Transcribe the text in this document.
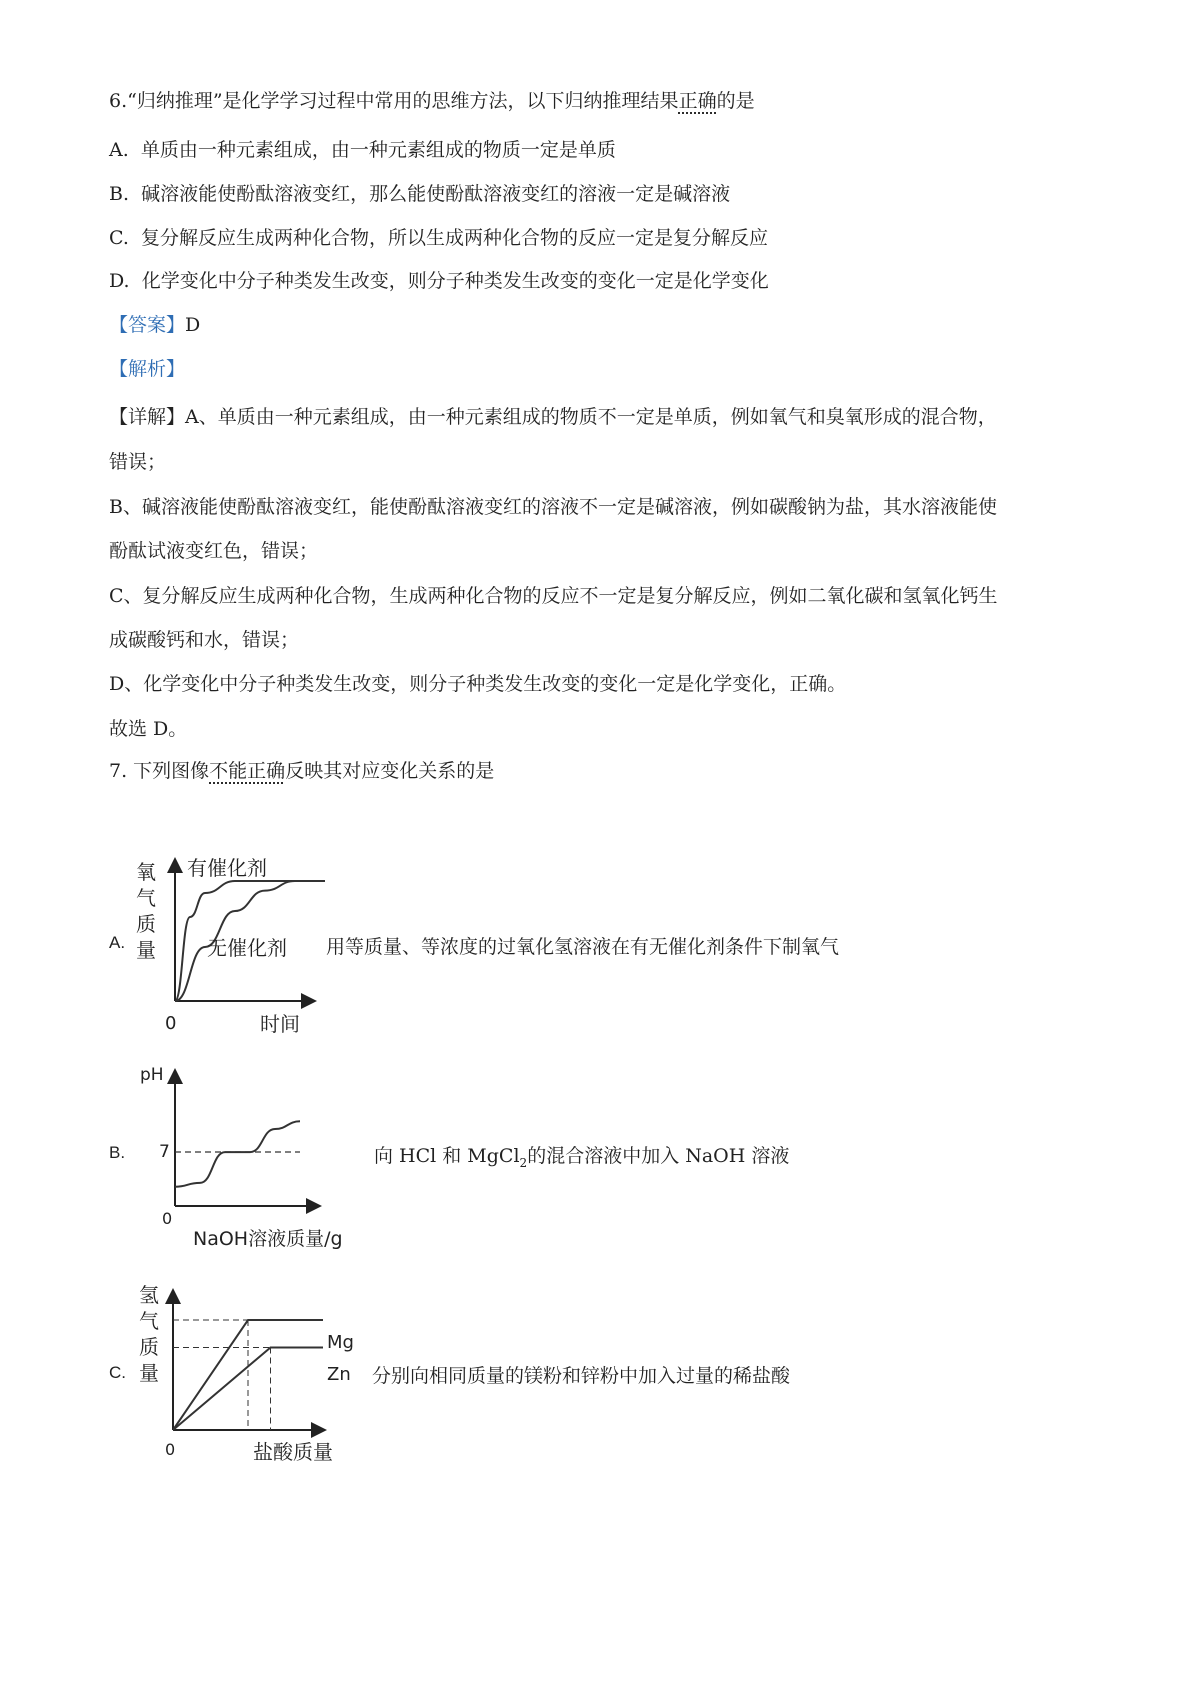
6.“归纳推理”是化学学习过程中常用的思维方法，以下归纳推理结果正确的是
A. 单质由一种元素组成，由一种元素组成的物质一定是单质
B. 碱溶液能使酚酞溶液变红，那么能使酚酞溶液变红的溶液一定是碱溶液
C. 复分解反应生成两种化合物，所以生成两种化合物的反应一定是复分解反应
D. 化学变化中分子种类发生改变，则分子种类发生改变的变化一定是化学变化
【答案】D
【解析】
【详解】A、单质由一种元素组成，由一种元素组成的物质不一定是单质，例如氧气和臭氧形成的混合物，
错误；
B、碱溶液能使酚酞溶液变红，能使酚酞溶液变红的溶液不一定是碱溶液，例如碳酸钠为盐，其水溶液能使
酚酞试液变红色，错误；
C、复分解反应生成两种化合物，生成两种化合物的反应不一定是复分解反应，例如二氧化碳和氢氧化钙生
成碳酸钙和水，错误；
D、化学变化中分子种类发生改变，则分子种类发生改变的变化一定是化学变化，正确。
故选 D。
7. 下列图像不能正确反映其对应变化关系的是
A.
氧
气
质
量
0	时间
有催化剂
无催化剂 用等质量、等浓度的过氧化氢溶液在有无催化剂条件下制氧气
B.
pH
0
7
NaOH溶液质量/g
向 HCl 和 MgCl$_2$的混合溶液中加入 NaOH 溶液
C.
氢
气
质
量
0	盐酸质量
Mg
Zn 分别向相同质量的镁粉和锌粉中加入过量的稀盐酸
